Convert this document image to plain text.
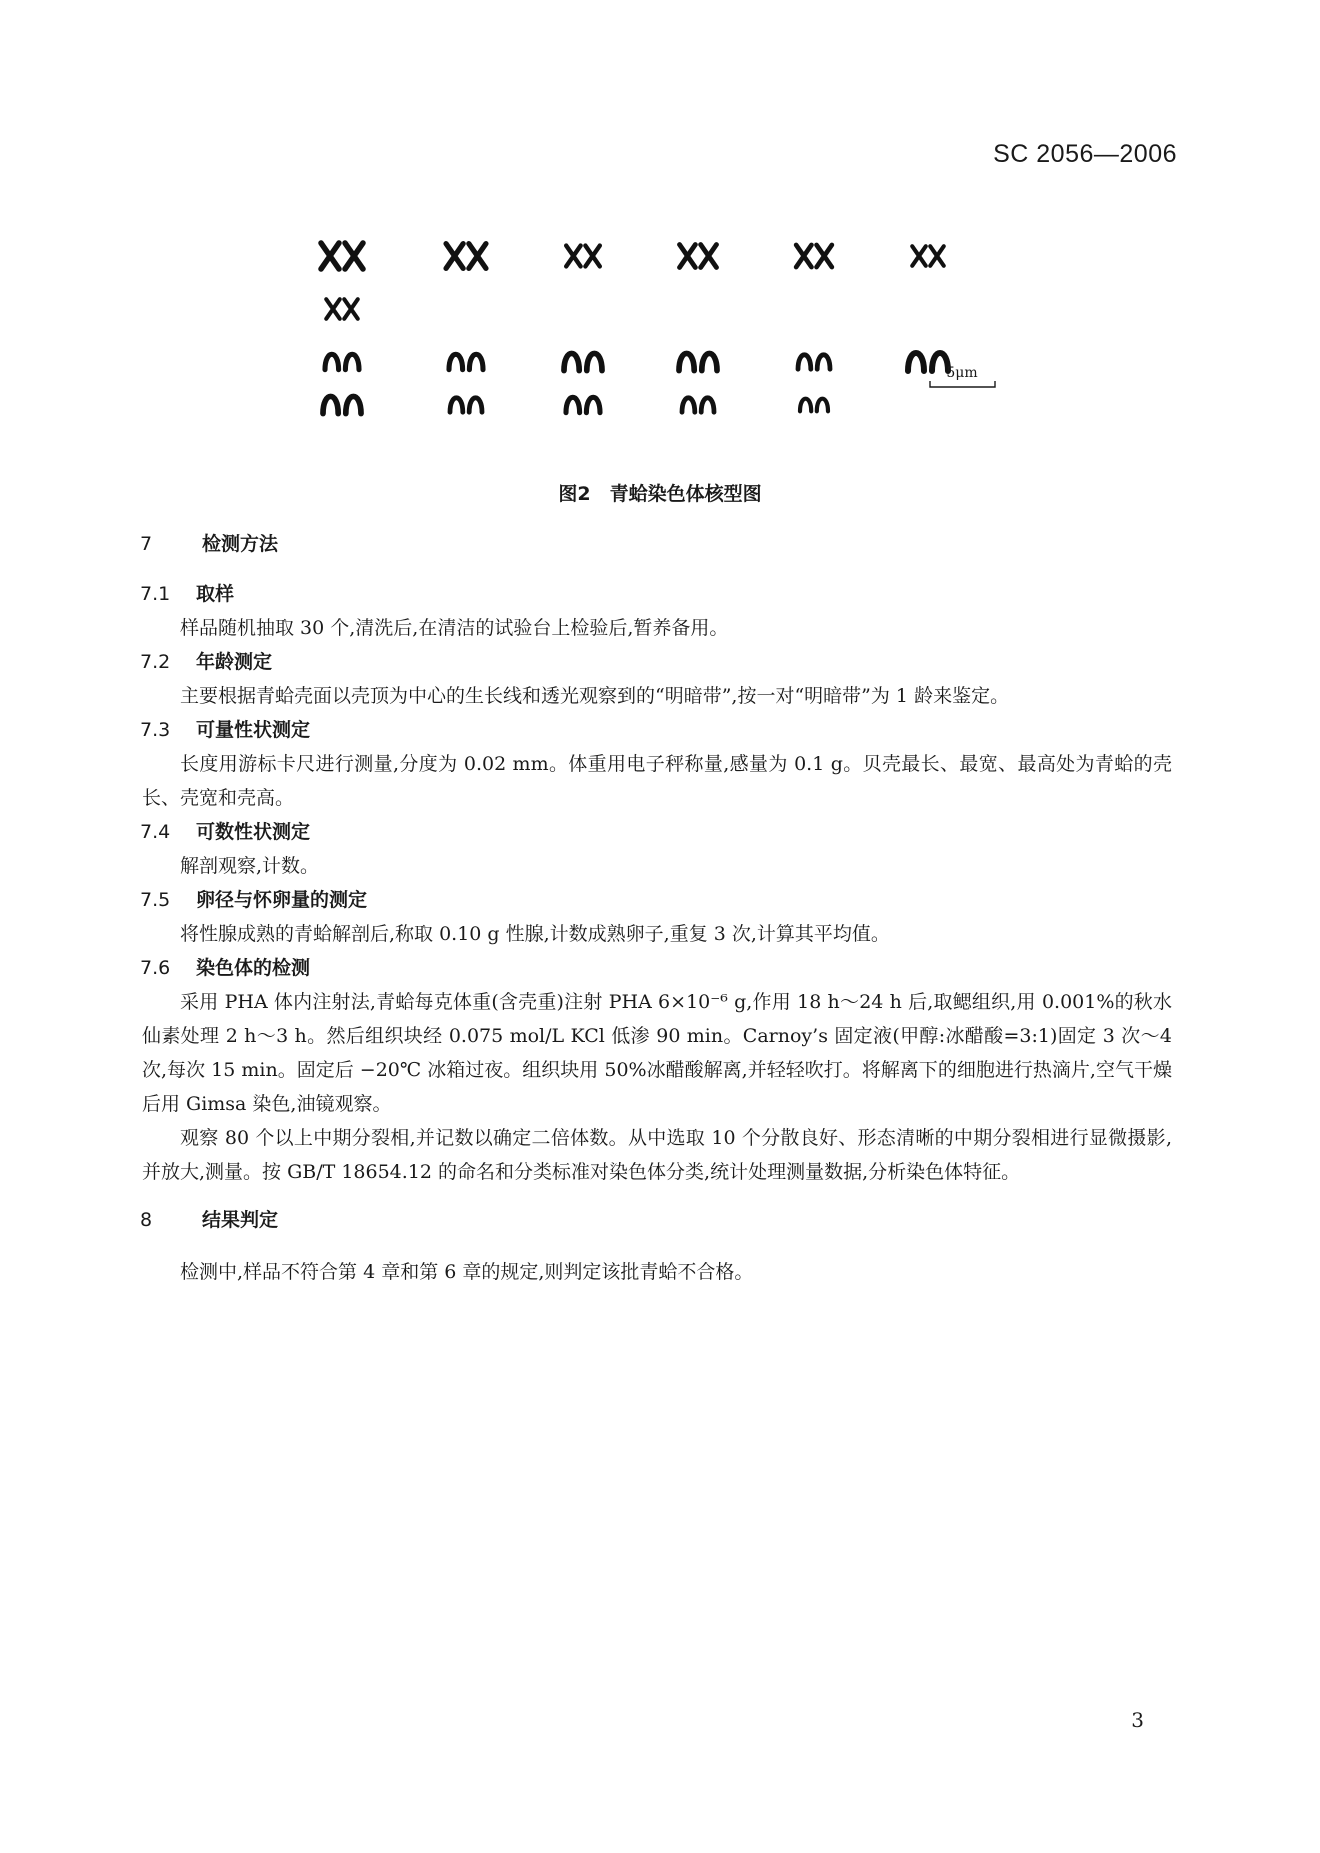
SC 2056—2006
5μm
图2　青蛤染色体核型图
7	检测方法
7.1 取样

样品随机抽取 30 个,清洗后,在清洁的试验台上检验后,暂养备用。

7.2 年龄测定

主要根据青蛤壳面以壳顶为中心的生长线和透光观察到的“明暗带”,按一对“明暗带”为 1 龄来鉴定。

7.3 可量性状测定

长度用游标卡尺进行测量,分度为 0.02 mm。体重用电子秤称量,感量为 0.1 g。贝壳最长、最宽、最高处为青蛤的壳长、壳宽和壳高。

7.4 可数性状测定

解剖观察,计数。

7.5 卵径与怀卵量的测定

将性腺成熟的青蛤解剖后,称取 0.10 g 性腺,计数成熟卵子,重复 3 次,计算其平均值。

7.6 染色体的检测

采用 PHA 体内注射法,青蛤每克体重(含壳重)注射 PHA 6×10⁻⁶ g,作用 18 h～24 h 后,取鳃组织,用 0.001%的秋水仙素处理 2 h～3 h。然后组织块经 0.075 mol/L KCl 低渗 90 min。Carnoy’s 固定液(甲醇:冰醋酸=3:1)固定 3 次～4 次,每次 15 min。固定后 −20℃ 冰箱过夜。组织块用 50%冰醋酸解离,并轻轻吹打。将解离下的细胞进行热滴片,空气干燥后用 Gimsa 染色,油镜观察。

观察 80 个以上中期分裂相,并记数以确定二倍体数。从中选取 10 个分散良好、形态清晰的中期分裂相进行显微摄影,并放大,测量。按 GB/T 18654.12 的命名和分类标准对染色体分类,统计处理测量数据,分析染色体特征。

8	结果判定

检测中,样品不符合第 4 章和第 6 章的规定,则判定该批青蛤不合格。

3
